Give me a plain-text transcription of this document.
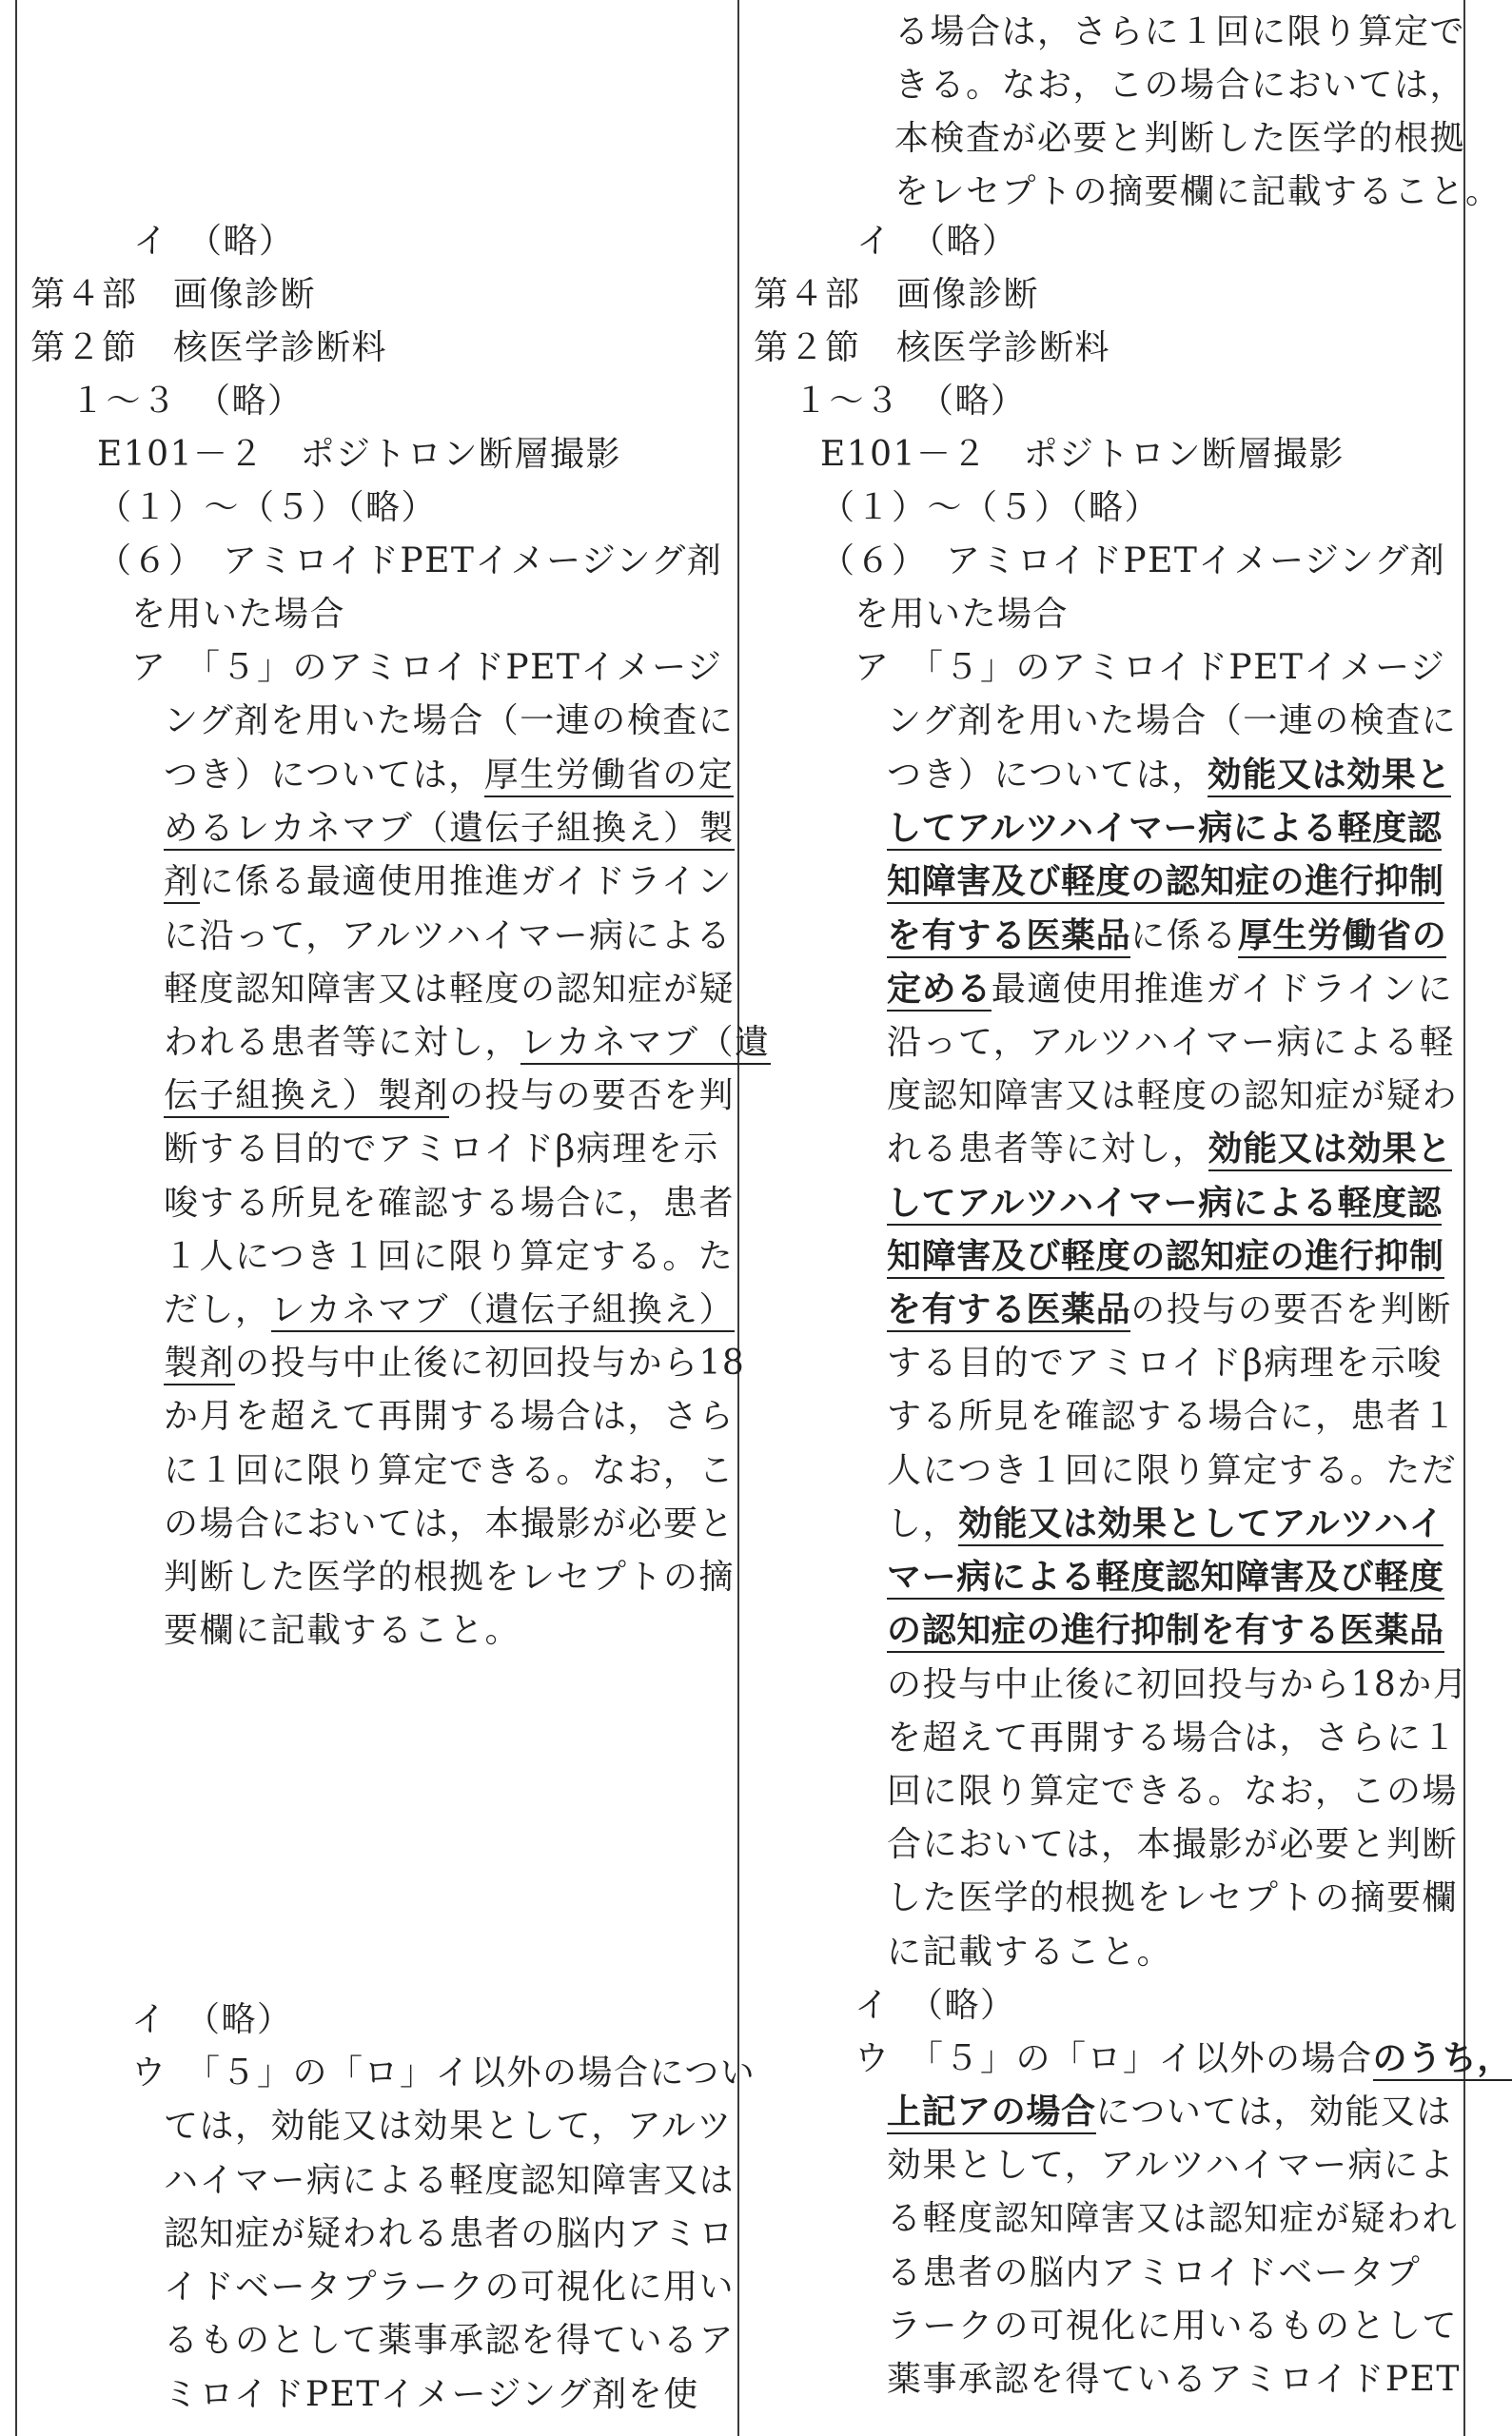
イ　（略）
第４部　画像診断
第２節　核医学診断料
１～３　（略）
E101－２　ポジトロン断層撮影
（１）～（５）（略）
（６）　アミロイドPETイメージング剤
を用いた場合
ア　「５」のアミロイドPETイメージ
ング剤を用いた場合（一連の検査に
つき）については，厚生労働省の定
めるレカネマブ（遺伝子組換え）製
剤に係る最適使用推進ガイドライン
に沿って，アルツハイマー病による
軽度認知障害又は軽度の認知症が疑
われる患者等に対し，レカネマブ（遺
伝子組換え）製剤の投与の要否を判
断する目的でアミロイドβ病理を示
唆する所見を確認する場合に，患者
１人につき１回に限り算定する。た
だし，レカネマブ（遺伝子組換え）
製剤の投与中止後に初回投与から18
か月を超えて再開する場合は，さら
に１回に限り算定できる。なお，こ
の場合においては，本撮影が必要と
判断した医学的根拠をレセプトの摘
要欄に記載すること。
イ　（略）
ウ　「５」の「ロ」イ以外の場合につい
ては，効能又は効果として，アルツ
ハイマー病による軽度認知障害又は
認知症が疑われる患者の脳内アミロ
イドベータプラークの可視化に用い
るものとして薬事承認を得ているア
ミロイドPETイメージング剤を使
る場合は，さらに１回に限り算定で
きる。なお，この場合においては，
本検査が必要と判断した医学的根拠
をレセプトの摘要欄に記載すること。
イ　（略）
第４部　画像診断
第２節　核医学診断料
１～３　（略）
E101－２　ポジトロン断層撮影
（１）～（５）（略）
（６）　アミロイドPETイメージング剤
を用いた場合
ア　「５」のアミロイドPETイメージ
ング剤を用いた場合（一連の検査に
つき）については，効能又は効果と
してアルツハイマー病による軽度認
知障害及び軽度の認知症の進行抑制
を有する医薬品に係る厚生労働省の
定める最適使用推進ガイドラインに
沿って，アルツハイマー病による軽
度認知障害又は軽度の認知症が疑わ
れる患者等に対し，効能又は効果と
してアルツハイマー病による軽度認
知障害及び軽度の認知症の進行抑制
を有する医薬品の投与の要否を判断
する目的でアミロイドβ病理を示唆
する所見を確認する場合に，患者１
人につき１回に限り算定する。ただ
し，効能又は効果としてアルツハイ
マー病による軽度認知障害及び軽度
の認知症の進行抑制を有する医薬品
の投与中止後に初回投与から18か月
を超えて再開する場合は，さらに１
回に限り算定できる。なお，この場
合においては，本撮影が必要と判断
した医学的根拠をレセプトの摘要欄
に記載すること。
イ　（略）
ウ　「５」の「ロ」イ以外の場合のうち，
上記アの場合については，効能又は
効果として，アルツハイマー病によ
る軽度認知障害又は認知症が疑われ
る患者の脳内アミロイドベータプ
ラークの可視化に用いるものとして
薬事承認を得ているアミロイドPET
